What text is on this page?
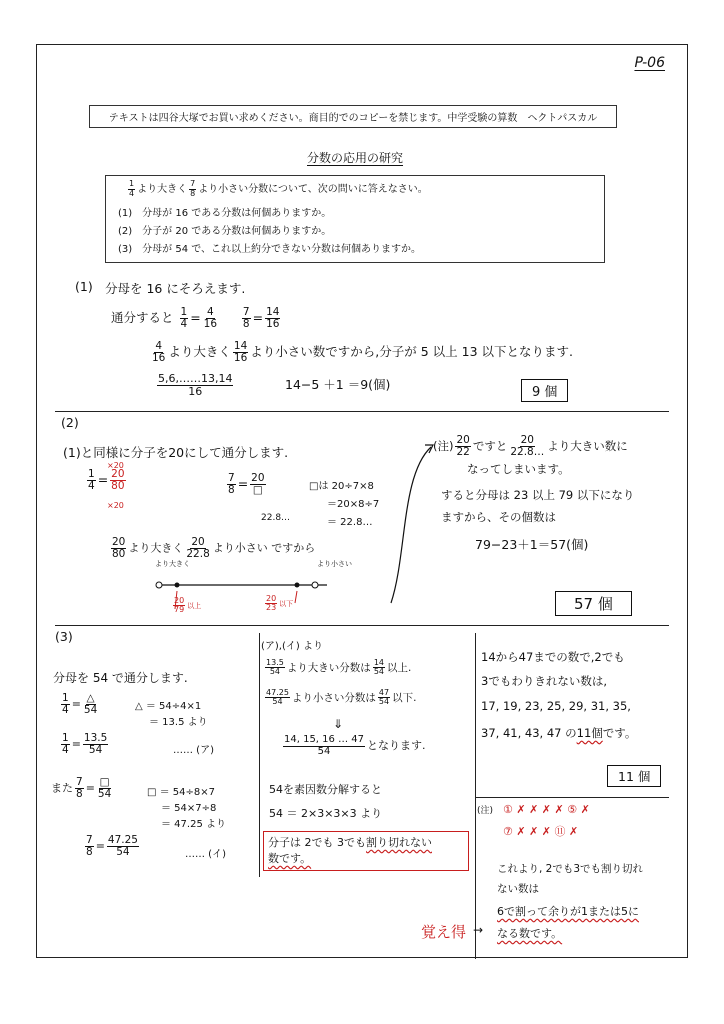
P-06
テキストは四谷大塚でお買い求めください。商目的でのコピーを禁じます。中学受験の算数　ヘクトパスカル
分数の応用の研究
$\frac{1}{4}$ より大きく $\frac{7}{8}$ より小さい分数について、次の問いに答えなさい。
(1)　分母が 16 である分数は何個ありますか。
(2)　分子が 20 である分数は何個ありますか。
(3)　分母が 54 で、これ以上約分できない分数は何個ありますか。
(1) 分母を 16 にそろえます.
通分すると $\frac{1}{4} = \frac{4}{16}$
$\frac{7}{8} = \frac{14}{16}$
$\frac{4}{16}$ より大きく $\frac{14}{16}$ より小さい数ですから,分子が 5 以上 13 以下となります.
$\frac{5,6,\dots\dots 13,14}{16}$	14−5 ＋1 ＝9(個)
9 個
(2)
(1)と同様に分子を20にして通分します.
×20
$\frac{1}{4} = \frac{20}{80}$
×20
$\frac{7}{8} = \frac{20}{□}$
22.8…
□は 20÷7×8
＝20×8÷7
＝ 22.8…
$\frac{20}{80}$ より大きく $\frac{20}{22.8}$ より小さい ですから
より大きく	より小さい
$\frac{20}{79}$ 以上	$\frac{20}{23}$ 以下
(注) $\frac{20}{22}$ ですと $\frac{20}{22.8\dots}$ より大きい数に
なってしまいます。
すると分母は 23 以上 79 以下になり
ますから、その個数は
79−23＋1＝57(個)
57 個
(3)
分母を 54 で通分します.
$\frac{1}{4} = \frac{\triangle}{54}$	△ ＝ 54÷4×1
＝ 13.5 より
$\frac{1}{4} = \frac{13.5}{54}$	…… (ア)
また $\frac{7}{8} = \frac{□}{54}$	□ ＝ 54÷8×7
＝ 54×7÷8
＝ 47.25 より
$\frac{7}{8} = \frac{47.25}{54}$	…… (イ)
(ア),(イ) より
$\frac{13.5}{54}$ より大きい分数は $\frac{14}{54}$ 以上.
$\frac{47.25}{54}$ より小さい分数は $\frac{47}{54}$ 以下.
⇓
$\frac{14, 15, 16 \dots 47}{54}$ となります.
54を素因数分解すると
54 ＝ 2×3×3×3 より
分子は 2でも 3でも割り切れない
数です。
14から47までの数で,2でも
3でもわりきれない数は,
17, 19, 23, 25, 29, 31, 35,
37, 41, 43, 47 の11個です。
11 個
(注) ① ✗ ✗ ✗ ✗ ⑤ ✗
⑦ ✗ ✗ ✗ ⑪ ✗
これより, 2でも3でも割り切れ
ない数は
6で割って余りが1または5に
なる数です。
覚え得 →
